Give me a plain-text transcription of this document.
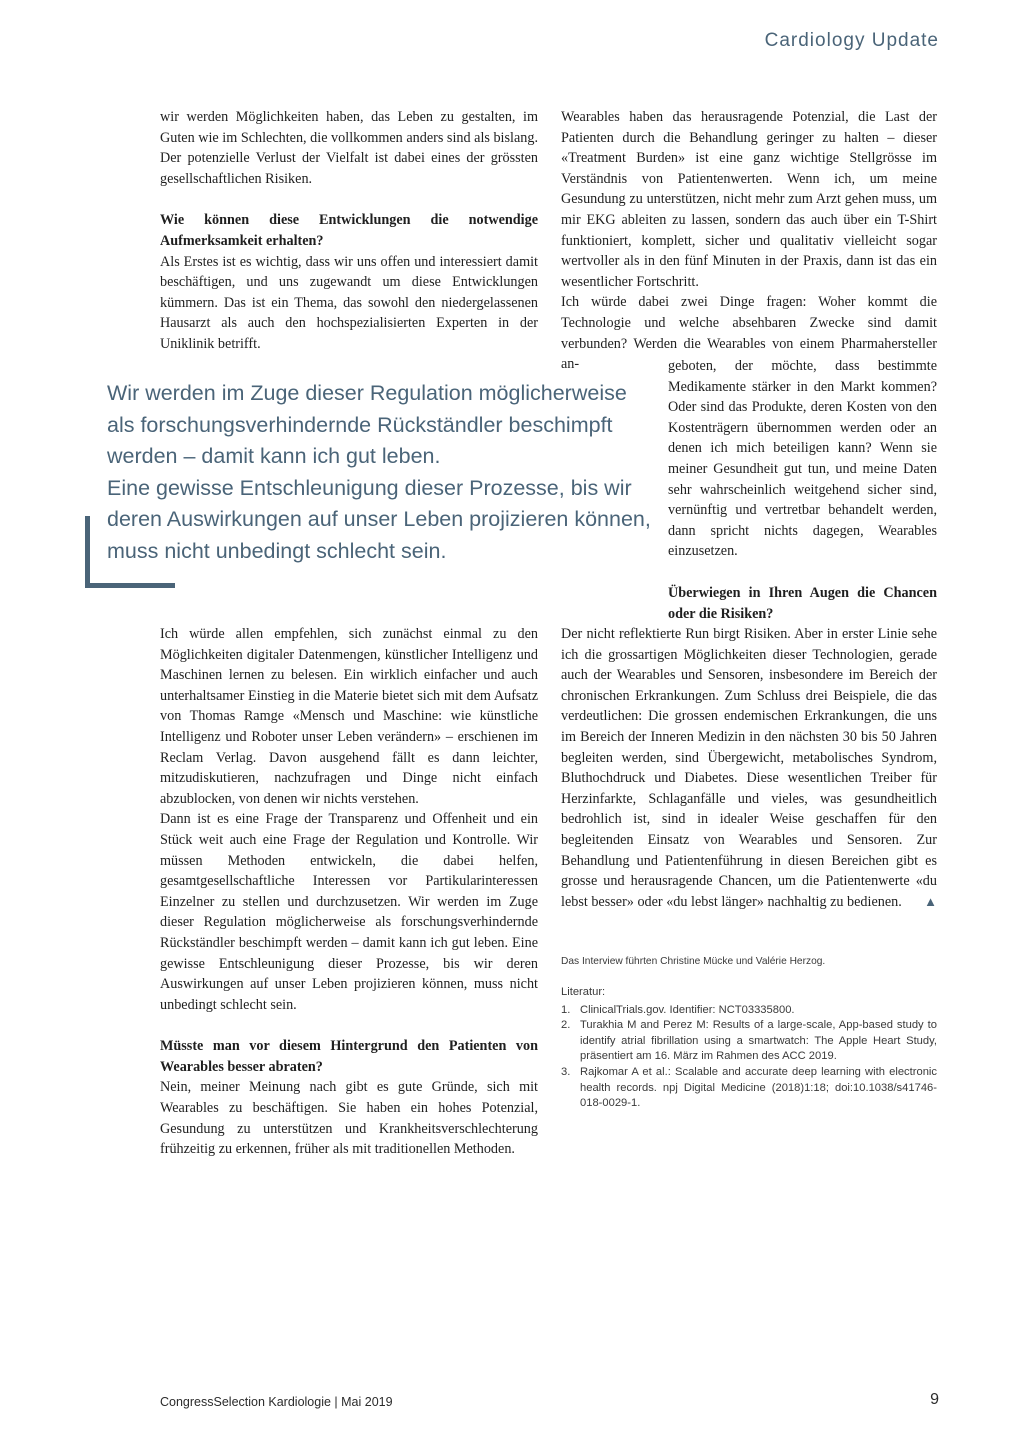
Cardiology Update

wir werden Möglichkeiten haben, das Leben zu gestalten, im Guten wie im Schlechten, die vollkommen anders sind als bislang. Der potenzielle Verlust der Vielfalt ist dabei eines der grössten gesellschaftlichen Risiken.

Wie können diese Entwicklungen die notwendige Aufmerksamkeit erhalten?

Als Erstes ist es wichtig, dass wir uns offen und interessiert damit beschäftigen, und uns zugewandt um diese Entwicklungen kümmern. Das ist ein Thema, das sowohl den niedergelassenen Hausarzt als auch den hochspezialisierten Experten in der Uniklinik betrifft.

Wir werden im Zuge dieser Regulation möglicherweise als forschungsverhindernde Rückständler beschimpft werden – damit kann ich gut leben.

Eine gewisse Entschleunigung dieser Prozesse, bis wir deren Auswirkungen auf unser Leben projizieren können, muss nicht unbedingt schlecht sein.

Ich würde allen empfehlen, sich zunächst einmal zu den Möglichkeiten digitaler Datenmengen, künstlicher Intelligenz und Maschinen lernen zu belesen. Ein wirklich einfacher und auch unterhaltsamer Einstieg in die Materie bietet sich mit dem Aufsatz von Thomas Ramge «Mensch und Maschine: wie künstliche Intelligenz und Roboter unser Leben verändern» – erschienen im Reclam Verlag. Davon ausgehend fällt es dann leichter, mitzudiskutieren, nachzufragen und Dinge nicht einfach abzublocken, von denen wir nichts verstehen.

Dann ist es eine Frage der Transparenz und Offenheit und ein Stück weit auch eine Frage der Regulation und Kontrolle. Wir müssen Methoden entwickeln, die dabei helfen, gesamtgesellschaftliche Interessen vor Partikularinteressen Einzelner zu stellen und durchzusetzen. Wir werden im Zuge dieser Regulation möglicherweise als forschungsverhindernde Rückständler beschimpft werden – damit kann ich gut leben. Eine gewisse Entschleunigung dieser Prozesse, bis wir deren Auswirkungen auf unser Leben projizieren können, muss nicht unbedingt schlecht sein.

Müsste man vor diesem Hintergrund den Patienten von Wearables besser abraten?

Nein, meiner Meinung nach gibt es gute Gründe, sich mit Wearables zu beschäftigen. Sie haben ein hohes Potenzial, Gesundung zu unterstützen und Krankheitsverschlechterung frühzeitig zu erkennen, früher als mit traditionellen Methoden.

Wearables haben das herausragende Potenzial, die Last der Patienten durch die Behandlung geringer zu halten – dieser «Treatment Burden» ist eine ganz wichtige Stellgrösse im Verständnis von Patientenwerten. Wenn ich, um meine Gesundung zu unterstützen, nicht mehr zum Arzt gehen muss, um mir EKG ableiten zu lassen, sondern das auch über ein T-Shirt funktioniert, komplett, sicher und qualitativ vielleicht sogar wertvoller als in den fünf Minuten in der Praxis, dann ist das ein wesentlicher Fortschritt.

Ich würde dabei zwei Dinge fragen: Woher kommt die Technologie und welche absehbaren Zwecke sind damit verbunden? Werden die Wearables von einem Pharmahersteller an-	geboten, der möchte, dass bestimmte Medikamente stärker in den Markt kommen? Oder sind das Produkte, deren Kosten von den Kostenträgern übernommen werden oder an denen ich mich beteiligen kann? Wenn sie meiner Gesundheit gut tun, und meine Daten sehr wahrscheinlich weitgehend sicher sind, vernünftig und vertretbar behandelt werden, dann spricht nichts dagegen, Wearables einzusetzen.

Überwiegen in Ihren Augen die Chancen oder die Risiken?

Der nicht reflektierte Run birgt Risiken. Aber in erster Linie sehe ich die grossartigen Möglichkeiten dieser Technologien, gerade auch der Wearables und Sensoren, insbesondere im Bereich der chronischen Erkrankungen. Zum Schluss drei Beispiele, die das verdeutlichen: Die grossen endemischen Erkrankungen, die uns im Bereich der Inneren Medizin in den nächsten 30 bis 50 Jahren begleiten werden, sind Übergewicht, metabolisches Syndrom, Bluthochdruck und Diabetes. Diese wesentlichen Treiber für Herzinfarkte, Schlaganfälle und vieles, was gesundheitlich bedrohlich ist, sind in idealer Weise geschaffen für den begleitenden Einsatz von Wearables und Sensoren. Zur Behandlung und Patientenführung in diesen Bereichen gibt es grosse und herausragende Chancen, um die Patientenwerte «du lebst besser» oder «du lebst länger» nachhaltig zu bedienen. ▲

Das Interview führten Christine Mücke und Valérie Herzog.
Literatur:
1. ClinicalTrials.gov. Identifier: NCT03335800.
2. Turakhia M and Perez M: Results of a large-scale, App-based study to identify atrial fibrillation using a smartwatch: The Apple Heart Study, präsentiert am 16. März im Rahmen des ACC 2019.
3. Rajkomar A et al.: Scalable and accurate deep learning with electronic health records. npj Digital Medicine (2018)1:18; doi:10.1038/s41746-018-0029-1.
CongressSelection Kardiologie | Mai 2019	9
